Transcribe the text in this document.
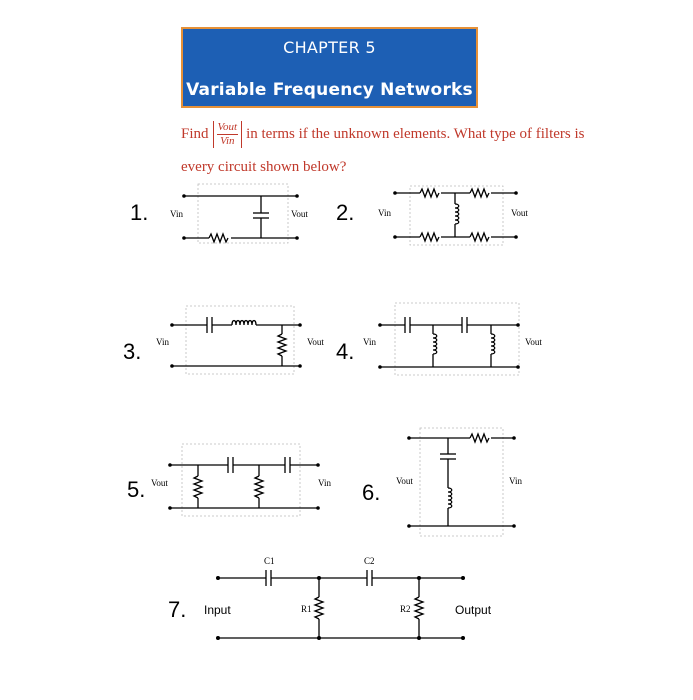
CHAPTER 5
Variable Frequency Networks
Find $\frac{\text{Vout}}{\text{Vin}}$ in terms if the unknown elements. What type of filters is
every circuit shown below?
1.	2.
3.	4.
5.	6.
7.
Vin	Vout	Vin	Vout
Vin	Vout	Vin	Vout
Vout	Vin	Vout	Vin
C1	C2
R1	R2
Input	Output
